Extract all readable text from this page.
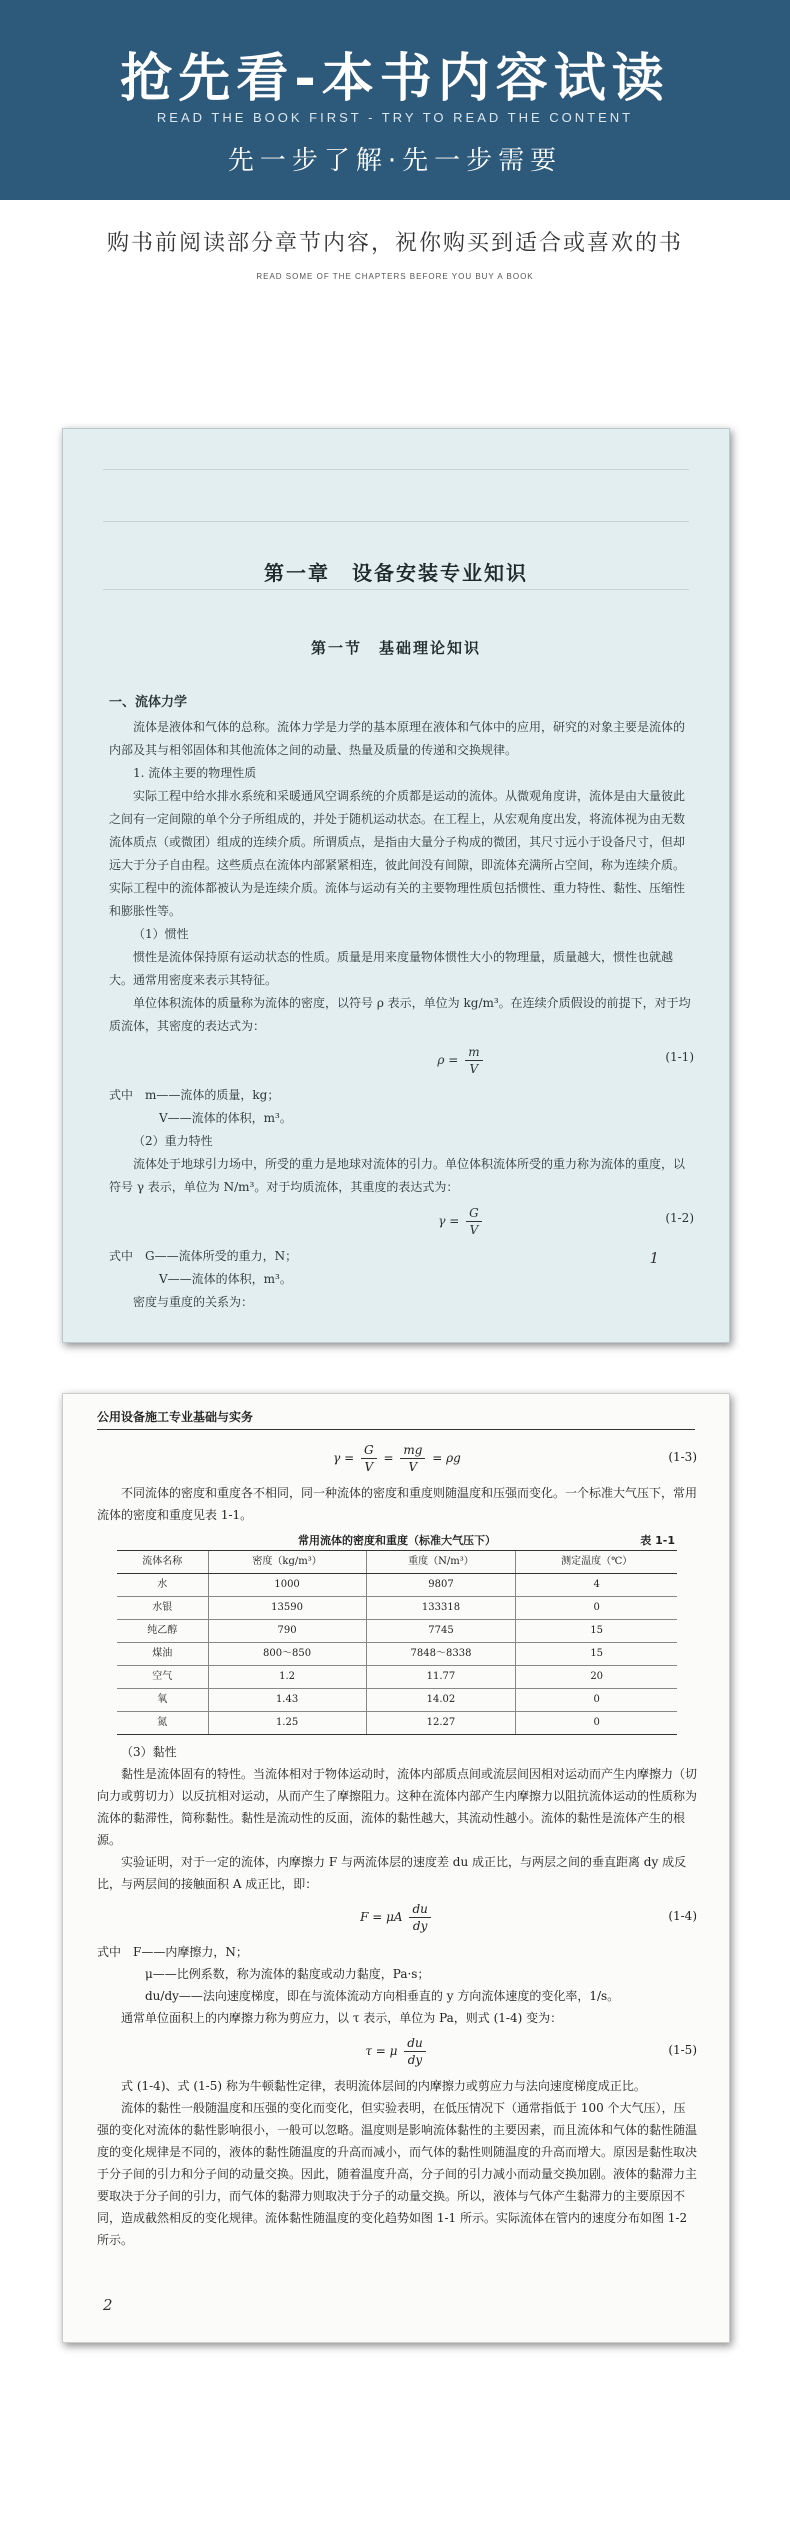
抢先看-本书内容试读
READ THE BOOK FIRST - TRY TO READ THE CONTENT
先一步了解·先一步需要
购书前阅读部分章节内容，祝你购买到适合或喜欢的书
READ SOME OF THE CHAPTERS BEFORE YOU BUY A BOOK
第一章　设备安装专业知识
第一节　基础理论知识
一、流体力学
流体是液体和气体的总称。流体力学是力学的基本原理在液体和气体中的应用，研究的对象主要是流体的内部及其与相邻固体和其他流体之间的动量、热量及质量的传递和交换规律。
1. 流体主要的物理性质
实际工程中给水排水系统和采暖通风空调系统的介质都是运动的流体。从微观角度讲，流体是由大量彼此之间有一定间隙的单个分子所组成的，并处于随机运动状态。在工程上，从宏观角度出发，将流体视为由无数流体质点（或微团）组成的连续介质。所谓质点，是指由大量分子构成的微团，其尺寸远小于设备尺寸，但却远大于分子自由程。这些质点在流体内部紧紧相连，彼此间没有间隙，即流体充满所占空间，称为连续介质。实际工程中的流体都被认为是连续介质。流体与运动有关的主要物理性质包括惯性、重力特性、黏性、压缩性和膨胀性等。
（1）惯性
惯性是流体保持原有运动状态的性质。质量是用来度量物体惯性大小的物理量，质量越大，惯性也就越大。通常用密度来表示其特征。
单位体积流体的质量称为流体的密度，以符号 ρ 表示，单位为 kg/m³。在连续介质假设的前提下，对于均质流体，其密度的表达式为：
$\rho = \frac{m}{V}$	(1-1)
式中　m——流体的质量，kg；
V——流体的体积，m³。
（2）重力特性
流体处于地球引力场中，所受的重力是地球对流体的引力。单位体积流体所受的重力称为流体的重度，以符号 γ 表示，单位为 N/m³。对于均质流体，其重度的表达式为：
$\gamma = \frac{G}{V}$	(1-2)
式中　G——流体所受的重力，N；
V——流体的体积，m³。
密度与重度的关系为：
1
公用设备施工专业基础与实务
$\gamma = \frac{G}{V} = \frac{mg}{V} = \rho g$	(1-3)
不同流体的密度和重度各不相同，同一种流体的密度和重度则随温度和压强而变化。一个标准大气压下，常用流体的密度和重度见表 1-1。
常用流体的密度和重度（标准大气压下）	表 1-1
流体名称	密度（kg/m³）	重度（N/m³）	测定温度（℃）
水	1000	9807	4
水银	13590	133318	0
纯乙醇	790	7745	15
煤油	800～850	7848～8338	15
空气	1.2	11.77	20
氧	1.43	14.02	0
氮	1.25	12.27	0
（3）黏性
黏性是流体固有的特性。当流体相对于物体运动时，流体内部质点间或流层间因相对运动而产生内摩擦力（切向力或剪切力）以反抗相对运动，从而产生了摩擦阻力。这种在流体内部产生内摩擦力以阻抗流体运动的性质称为流体的黏滞性，简称黏性。黏性是流动性的反面，流体的黏性越大，其流动性越小。流体的黏性是流体产生的根源。
实验证明，对于一定的流体，内摩擦力 F 与两流体层的速度差 du 成正比，与两层之间的垂直距离 dy 成反比，与两层间的接触面积 A 成正比，即：
F = μA $\frac{du}{dy}$	(1-4)
式中　F——内摩擦力，N；
μ——比例系数，称为流体的黏度或动力黏度，Pa·s；
du/dy——法向速度梯度，即在与流体流动方向相垂直的 y 方向流体速度的变化率，1/s。
通常单位面积上的内摩擦力称为剪应力，以 τ 表示，单位为 Pa，则式 (1-4) 变为：
τ = μ $\frac{du}{dy}$	(1-5)
式 (1-4)、式 (1-5) 称为牛顿黏性定律，表明流体层间的内摩擦力或剪应力与法向速度梯度成正比。
流体的黏性一般随温度和压强的变化而变化，但实验表明，在低压情况下（通常指低于 100 个大气压），压强的变化对流体的黏性影响很小，一般可以忽略。温度则是影响流体黏性的主要因素，而且流体和气体的黏性随温度的变化规律是不同的，液体的黏性随温度的升高而减小，而气体的黏性则随温度的升高而增大。原因是黏性取决于分子间的引力和分子间的动量交换。因此，随着温度升高，分子间的引力减小而动量交换加剧。液体的黏滞力主要取决于分子间的引力，而气体的黏滞力则取决于分子的动量交换。所以，液体与气体产生黏滞力的主要原因不同，造成截然相反的变化规律。流体黏性随温度的变化趋势如图 1-1 所示。实际流体在管内的速度分布如图 1-2 所示。
2
